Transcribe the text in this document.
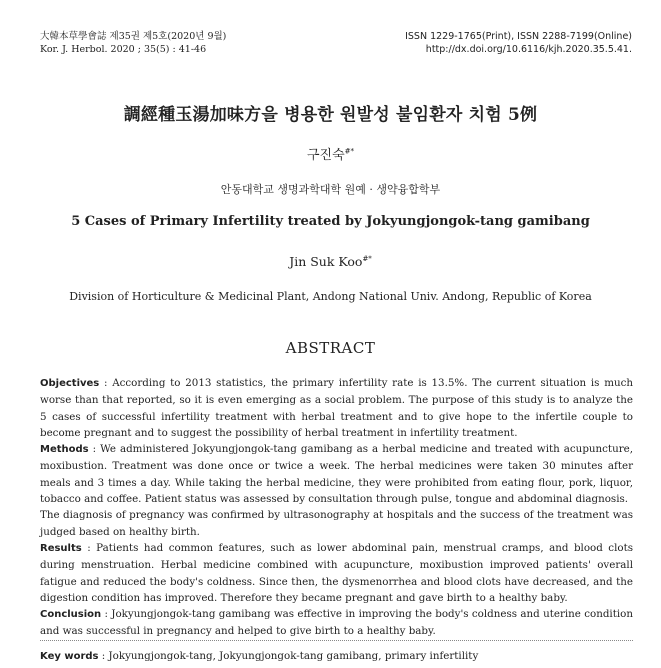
大韓本草學會誌 제35권 제5호(2020년 9월)
Kor. J. Herbol. 2020 ; 35(5) : 41-46
ISSN 1229-1765(Print), ISSN 2288-7199(Online)
http://dx.doi.org/10.6116/kjh.2020.35.5.41.
調經種玉湯加味方을 병용한 원발성 불임환자 치험 5例
구진숙#*
안동대학교 생명과학대학 원예 · 생약융합학부
5 Cases of Primary Infertility treated by Jokyungjongok-tang gamibang
Jin Suk Koo#*
Division of Horticulture & Medicinal Plant, Andong National Univ. Andong, Republic of Korea
ABSTRACT

Objectives : According to 2013 statistics, the primary infertility rate is 13.5%. The current situation is much worse than that reported, so it is even emerging as a social problem. The purpose of this study is to analyze the 5 cases of successful infertility treatment with herbal treatment and to give hope to the infertile couple to become pregnant and to suggest the possibility of herbal treatment in infertility treatment.

Methods : We administered Jokyungjongok-tang gamibang as a herbal medicine and treated with acupuncture, moxibustion. Treatment was done once or twice a week. The herbal medicines were taken 30 minutes after meals and 3 times a day. While taking the herbal medicine, they were prohibited from eating flour, pork, liquor, tobacco and coffee. Patient status was assessed by consultation through pulse, tongue and abdominal diagnosis.

The diagnosis of pregnancy was confirmed by ultrasonography at hospitals and the success of the treatment was judged based on healthy birth.

Results : Patients had common features, such as lower abdominal pain, menstrual cramps, and blood clots during menstruation. Herbal medicine combined with acupuncture, moxibustion improved patients' overall fatigue and reduced the body's coldness. Since then, the dysmenorrhea and blood clots have decreased, and the digestion condition has improved. Therefore they became pregnant and gave birth to a healthy baby.

Conclusion : Jokyungjongok-tang gamibang was effective in improving the body's coldness and uterine condition and was successful in pregnancy and helped to give birth to a healthy baby.

Key words : Jokyungjongok-tang, Jokyungjongok-tang gamibang, primary infertility
